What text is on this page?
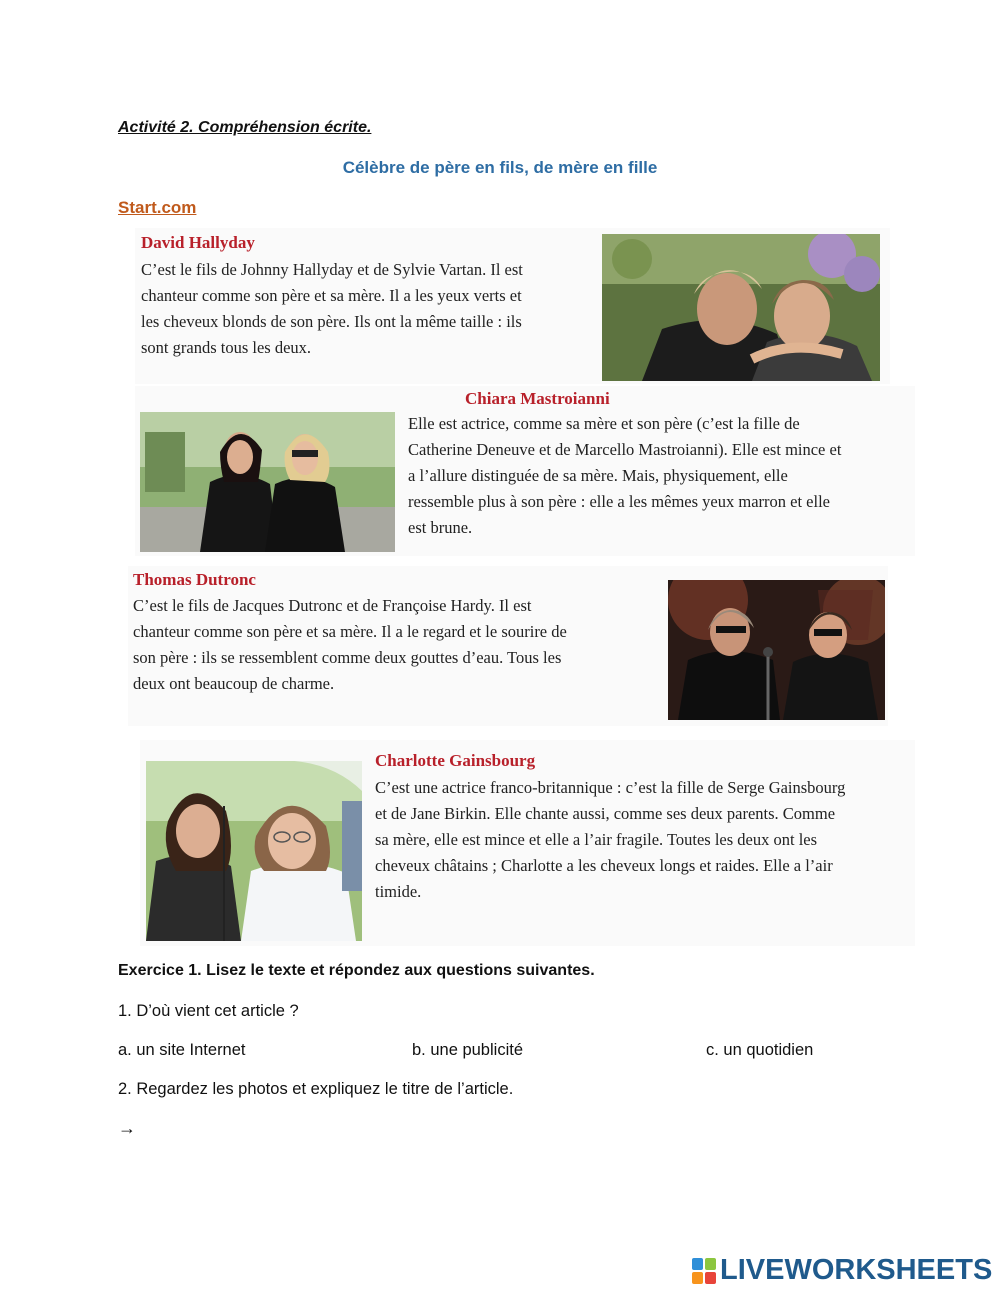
Activité 2. Compréhension écrite.
Célèbre de père en fils, de mère en fille
Start.com
David Hallyday
C’est le fils de Johnny Hallyday et de Sylvie Vartan. Il est
chanteur comme son père et sa mère. Il a les yeux verts et
les cheveux blonds de son père. Ils ont la même taille : ils
sont grands tous les deux.
Chiara Mastroianni
Elle est actrice, comme sa mère et son père (c’est la fille de
Catherine Deneuve et de Marcello Mastroianni). Elle est mince et
a l’allure distinguée de sa mère. Mais, physiquement, elle
ressemble plus à son père : elle a les mêmes yeux marron et elle
est brune.
Thomas Dutronc
C’est le fils de Jacques Dutronc et de Françoise Hardy. Il est
chanteur comme son père et sa mère. Il a le regard et le sourire de
son père : ils se ressemblent comme deux gouttes d’eau. Tous les
deux ont beaucoup de charme.
Charlotte Gainsbourg
C’est une actrice franco-britannique : c’est la fille de Serge Gainsbourg
et de Jane Birkin. Elle chante aussi, comme ses deux parents. Comme
sa mère, elle est mince et elle a l’air fragile. Toutes les deux ont les
cheveux châtains ; Charlotte a les cheveux longs et raides. Elle a l’air
timide.
Exercice 1. Lisez le texte et répondez aux questions suivantes.
1. D’où vient cet article ?
a. un site Internet	b. une publicité	c. un quotidien
2. Regardez les photos et expliquez le titre de l’article.
→
LIVEWORKSHEETS
